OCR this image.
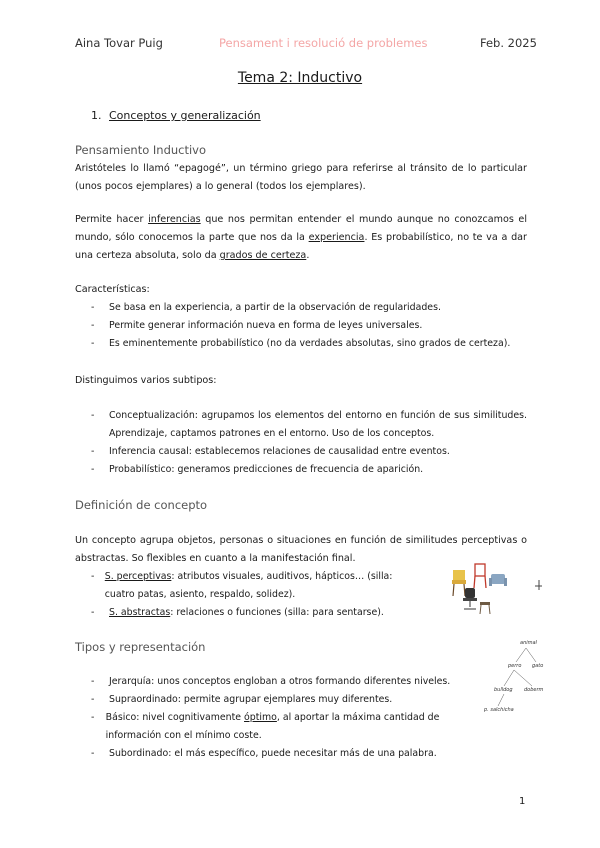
Aina Tovar Puig	Pensament i resolució de problemes	Feb. 2025
Tema 2: Inductivo
1. Conceptos y generalización
Pensamiento Inductivo
Aristóteles lo llamó “epagogé”, un término griego para referirse al tránsito de lo particular (unos pocos ejemplares) a lo general (todos los ejemplares).
Permite hacer inferencias que nos permitan entender el mundo aunque no conozcamos el mundo, sólo conocemos la parte que nos da la experiencia. Es probabilístico, no te va a dar una certeza absoluta, solo da grados de certeza.
Características:
-	Se basa en la experiencia, a partir de la observación de regularidades.
-	Permite generar información nueva en forma de leyes universales.
-	Es eminentemente probabilístico (no da verdades absolutas, sino grados de certeza).
Distinguimos varios subtipos:
-	Conceptualización: agrupamos los elementos del entorno en función de sus similitudes. Aprendizaje, captamos patrones en el entorno. Uso de los conceptos.
-	Inferencia causal: establecemos relaciones de causalidad entre eventos.
-	Probabilístico: generamos predicciones de frecuencia de aparición.
Definición de concepto
Un concepto agrupa objetos, personas o situaciones en función de similitudes perceptivas o abstractas. So flexibles en cuanto a la manifestación final.
-	S. perceptivas: atributos visuales, auditivos, hápticos… (silla: cuatro patas, asiento, respaldo, solidez).
-	S. abstractas: relaciones o funciones (silla: para sentarse).
Tipos y representación
-	Jerarquía: unos conceptos engloban a otros formando diferentes niveles.
-	Supraordinado: permite agrupar ejemplares muy diferentes.
-	Básico: nivel cognitivamente óptimo, al aportar la máxima cantidad de información con el mínimo coste.
-	Subordinado: el más específico, puede necesitar más de una palabra.
animal
perro gato
bulldog doberm
p. salchicha
1
